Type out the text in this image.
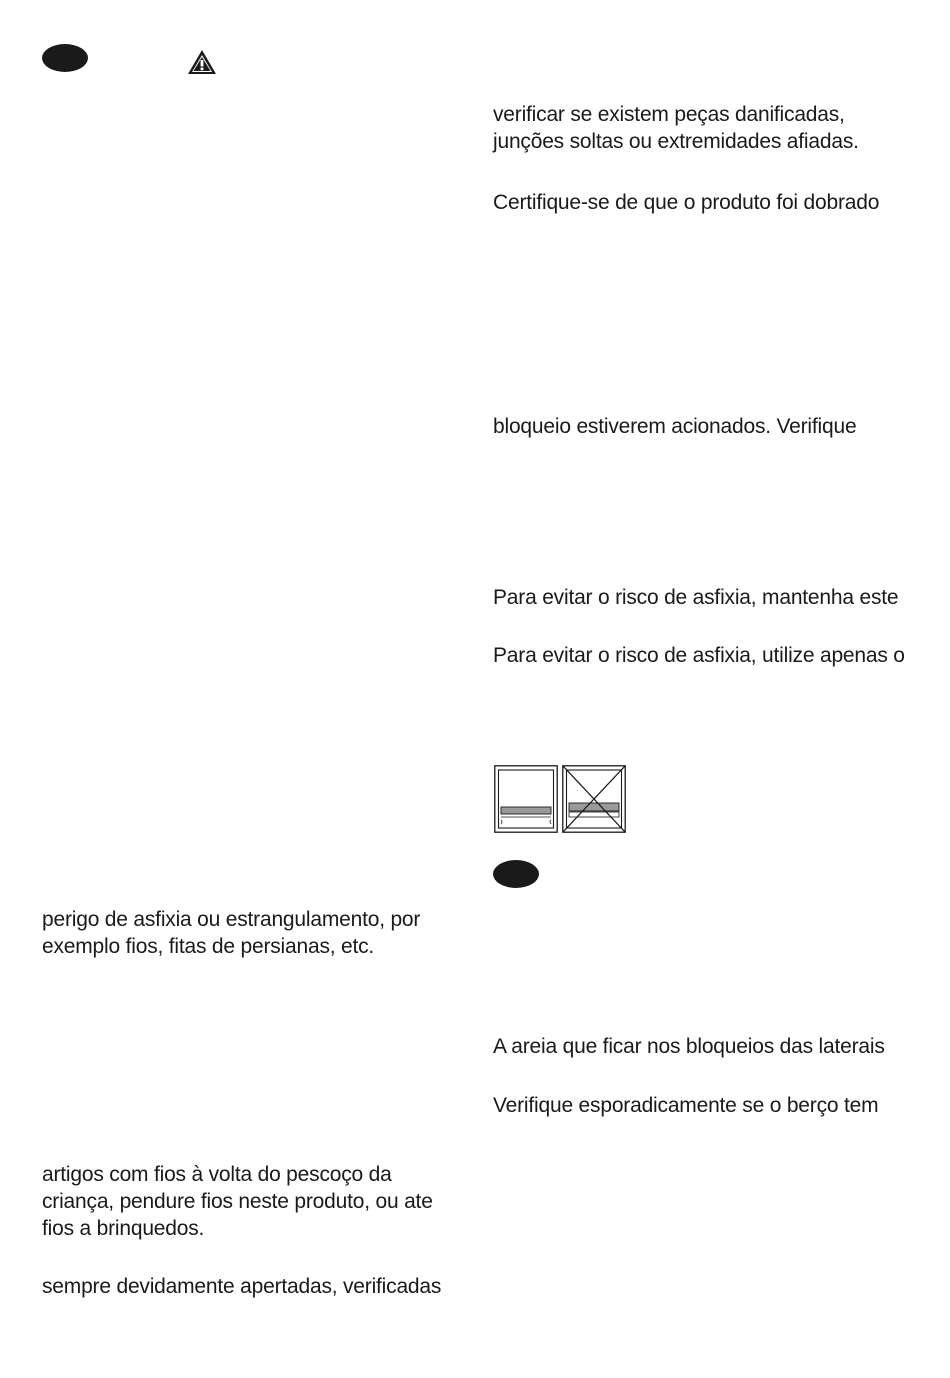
perigo de asfixia ou estrangulamento, por
exemplo fios, fitas de persianas, etc.

artigos com fios à volta do pescoço da
criança, pendure fios neste produto, ou ate
fios a brinquedos.

sempre devidamente apertadas, verificadas

verificar se existem peças danificadas,
junções soltas ou extremidades afiadas.

Certifique-se de que o produto foi dobrado

bloqueio estiverem acionados. Verifique

Para evitar o risco de asfixia, mantenha este

Para evitar o risco de asfixia, utilize apenas o

A areia que ficar nos bloqueios das laterais

Verifique esporadicamente se o berço tem
